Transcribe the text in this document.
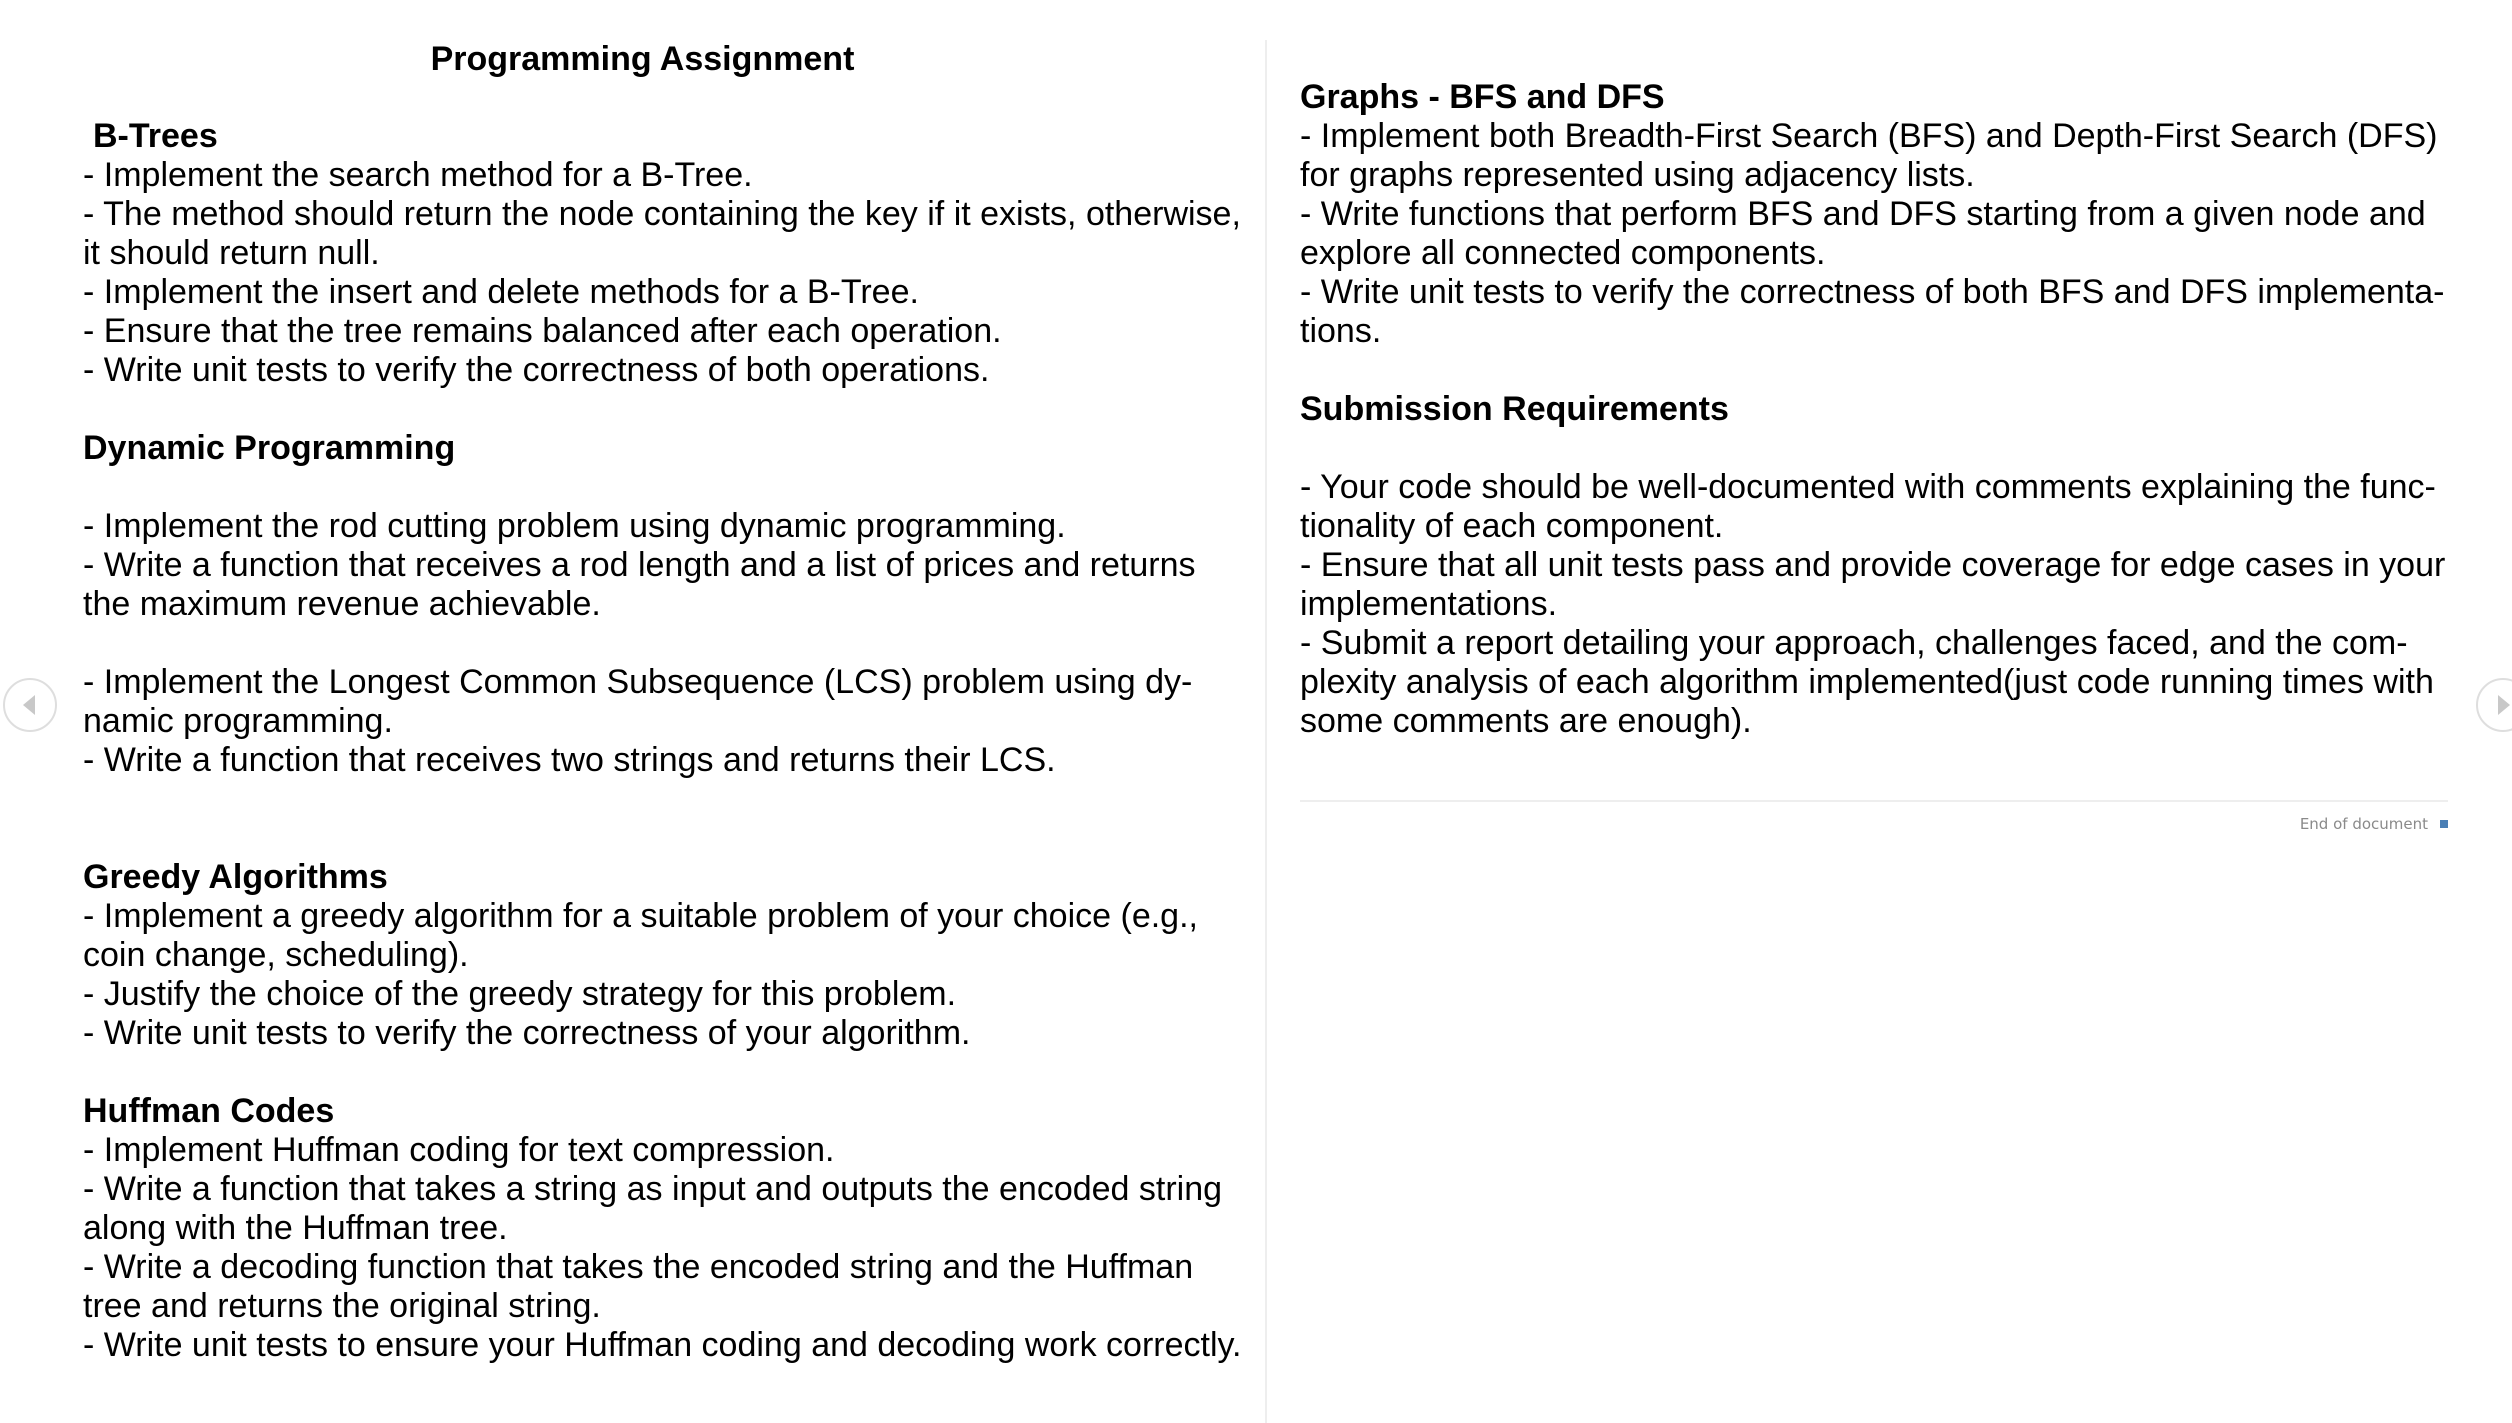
Programming Assignment
B-Trees

- Implement the search method for a B-Tree.

- The method should return the node containing the key if it exists, otherwise,

it should return null.

- Implement the insert and delete methods for a B-Tree.

- Ensure that the tree remains balanced after each operation.

- Write unit tests to verify the correctness of both operations.

Dynamic Programming

- Implement the rod cutting problem using dynamic programming.

- Write a function that receives a rod length and a list of prices and returns

the maximum revenue achievable.

- Implement the Longest Common Subsequence (LCS) problem using dy-

namic programming.

- Write a function that receives two strings and returns their LCS.

Greedy Algorithms

- Implement a greedy algorithm for a suitable problem of your choice (e.g.,

coin change, scheduling).

- Justify the choice of the greedy strategy for this problem.

- Write unit tests to verify the correctness of your algorithm.

Huffman Codes

- Implement Huffman coding for text compression.

- Write a function that takes a string as input and outputs the encoded string

along with the Huffman tree.

- Write a decoding function that takes the encoded string and the Huffman

tree and returns the original string.

- Write unit tests to ensure your Huffman coding and decoding work correctly.

Graphs - BFS and DFS

- Implement both Breadth-First Search (BFS) and Depth-First Search (DFS)

for graphs represented using adjacency lists.

- Write functions that perform BFS and DFS starting from a given node and

explore all connected components.

- Write unit tests to verify the correctness of both BFS and DFS implementa-

tions.

Submission Requirements

- Your code should be well-documented with comments explaining the func-

tionality of each component.

- Ensure that all unit tests pass and provide coverage for edge cases in your

implementations.

- Submit a report detailing your approach, challenges faced, and the com-

plexity analysis of each algorithm implemented(just code running times with

some comments are enough).

End of document
